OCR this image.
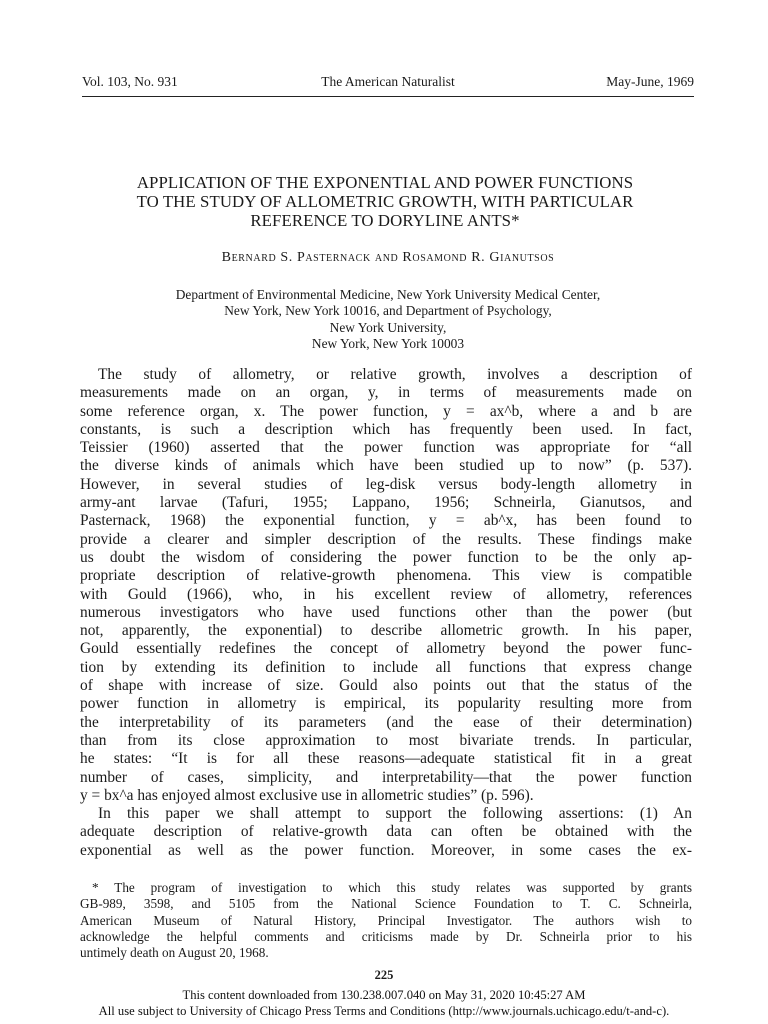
The American Naturalist
Vol. 103, No. 931	May-June, 1969
APPLICATION OF THE EXPONENTIAL AND POWER FUNCTIONS
TO THE STUDY OF ALLOMETRIC GROWTH, WITH PARTICULAR
REFERENCE TO DORYLINE ANTS*
Bernard S. Pasternack and Rosamond R. Gianutsos
Department of Environmental Medicine, New York University Medical Center,
New York, New York 10016, and Department of Psychology,
New York University,
New York, New York 10003
The study of allometry, or relative growth, involves a description of
measurements made on an organ, y, in terms of measurements made on
some reference organ, x. The power function, y = ax^b, where a and b are
constants, is such a description which has frequently been used. In fact,
Teissier (1960) asserted that the power function was appropriate for “all
the diverse kinds of animals which have been studied up to now” (p. 537).
However, in several studies of leg-disk versus body-length allometry in
army-ant larvae (Tafuri, 1955; Lappano, 1956; Schneirla, Gianutsos, and
Pasternack, 1968) the exponential function, y = ab^x, has been found to
provide a clearer and simpler description of the results. These findings make
us doubt the wisdom of considering the power function to be the only ap-
propriate description of relative-growth phenomena. This view is compatible
with Gould (1966), who, in his excellent review of allometry, references
numerous investigators who have used functions other than the power (but
not, apparently, the exponential) to describe allometric growth. In his paper,
Gould essentially redefines the concept of allometry beyond the power func-
tion by extending its definition to include all functions that express change
of shape with increase of size. Gould also points out that the status of the
power function in allometry is empirical, its popularity resulting more from
the interpretability of its parameters (and the ease of their determination)
than from its close approximation to most bivariate trends. In particular,
he states: “It is for all these reasons—adequate statistical fit in a great
number of cases, simplicity, and interpretability—that the power function
y = bx^a has enjoyed almost exclusive use in allometric studies” (p. 596).
In this paper we shall attempt to support the following assertions: (1) An
adequate description of relative-growth data can often be obtained with the
exponential as well as the power function. Moreover, in some cases the ex-
* The program of investigation to which this study relates was supported by grants
GB-989, 3598, and 5105 from the National Science Foundation to T. C. Schneirla,
American Museum of Natural History, Principal Investigator. The authors wish to
acknowledge the helpful comments and criticisms made by Dr. Schneirla prior to his
untimely death on August 20, 1968.
225
This content downloaded from 130.238.007.040 on May 31, 2020 10:45:27 AM
All use subject to University of Chicago Press Terms and Conditions (http://www.journals.uchicago.edu/t-and-c).
